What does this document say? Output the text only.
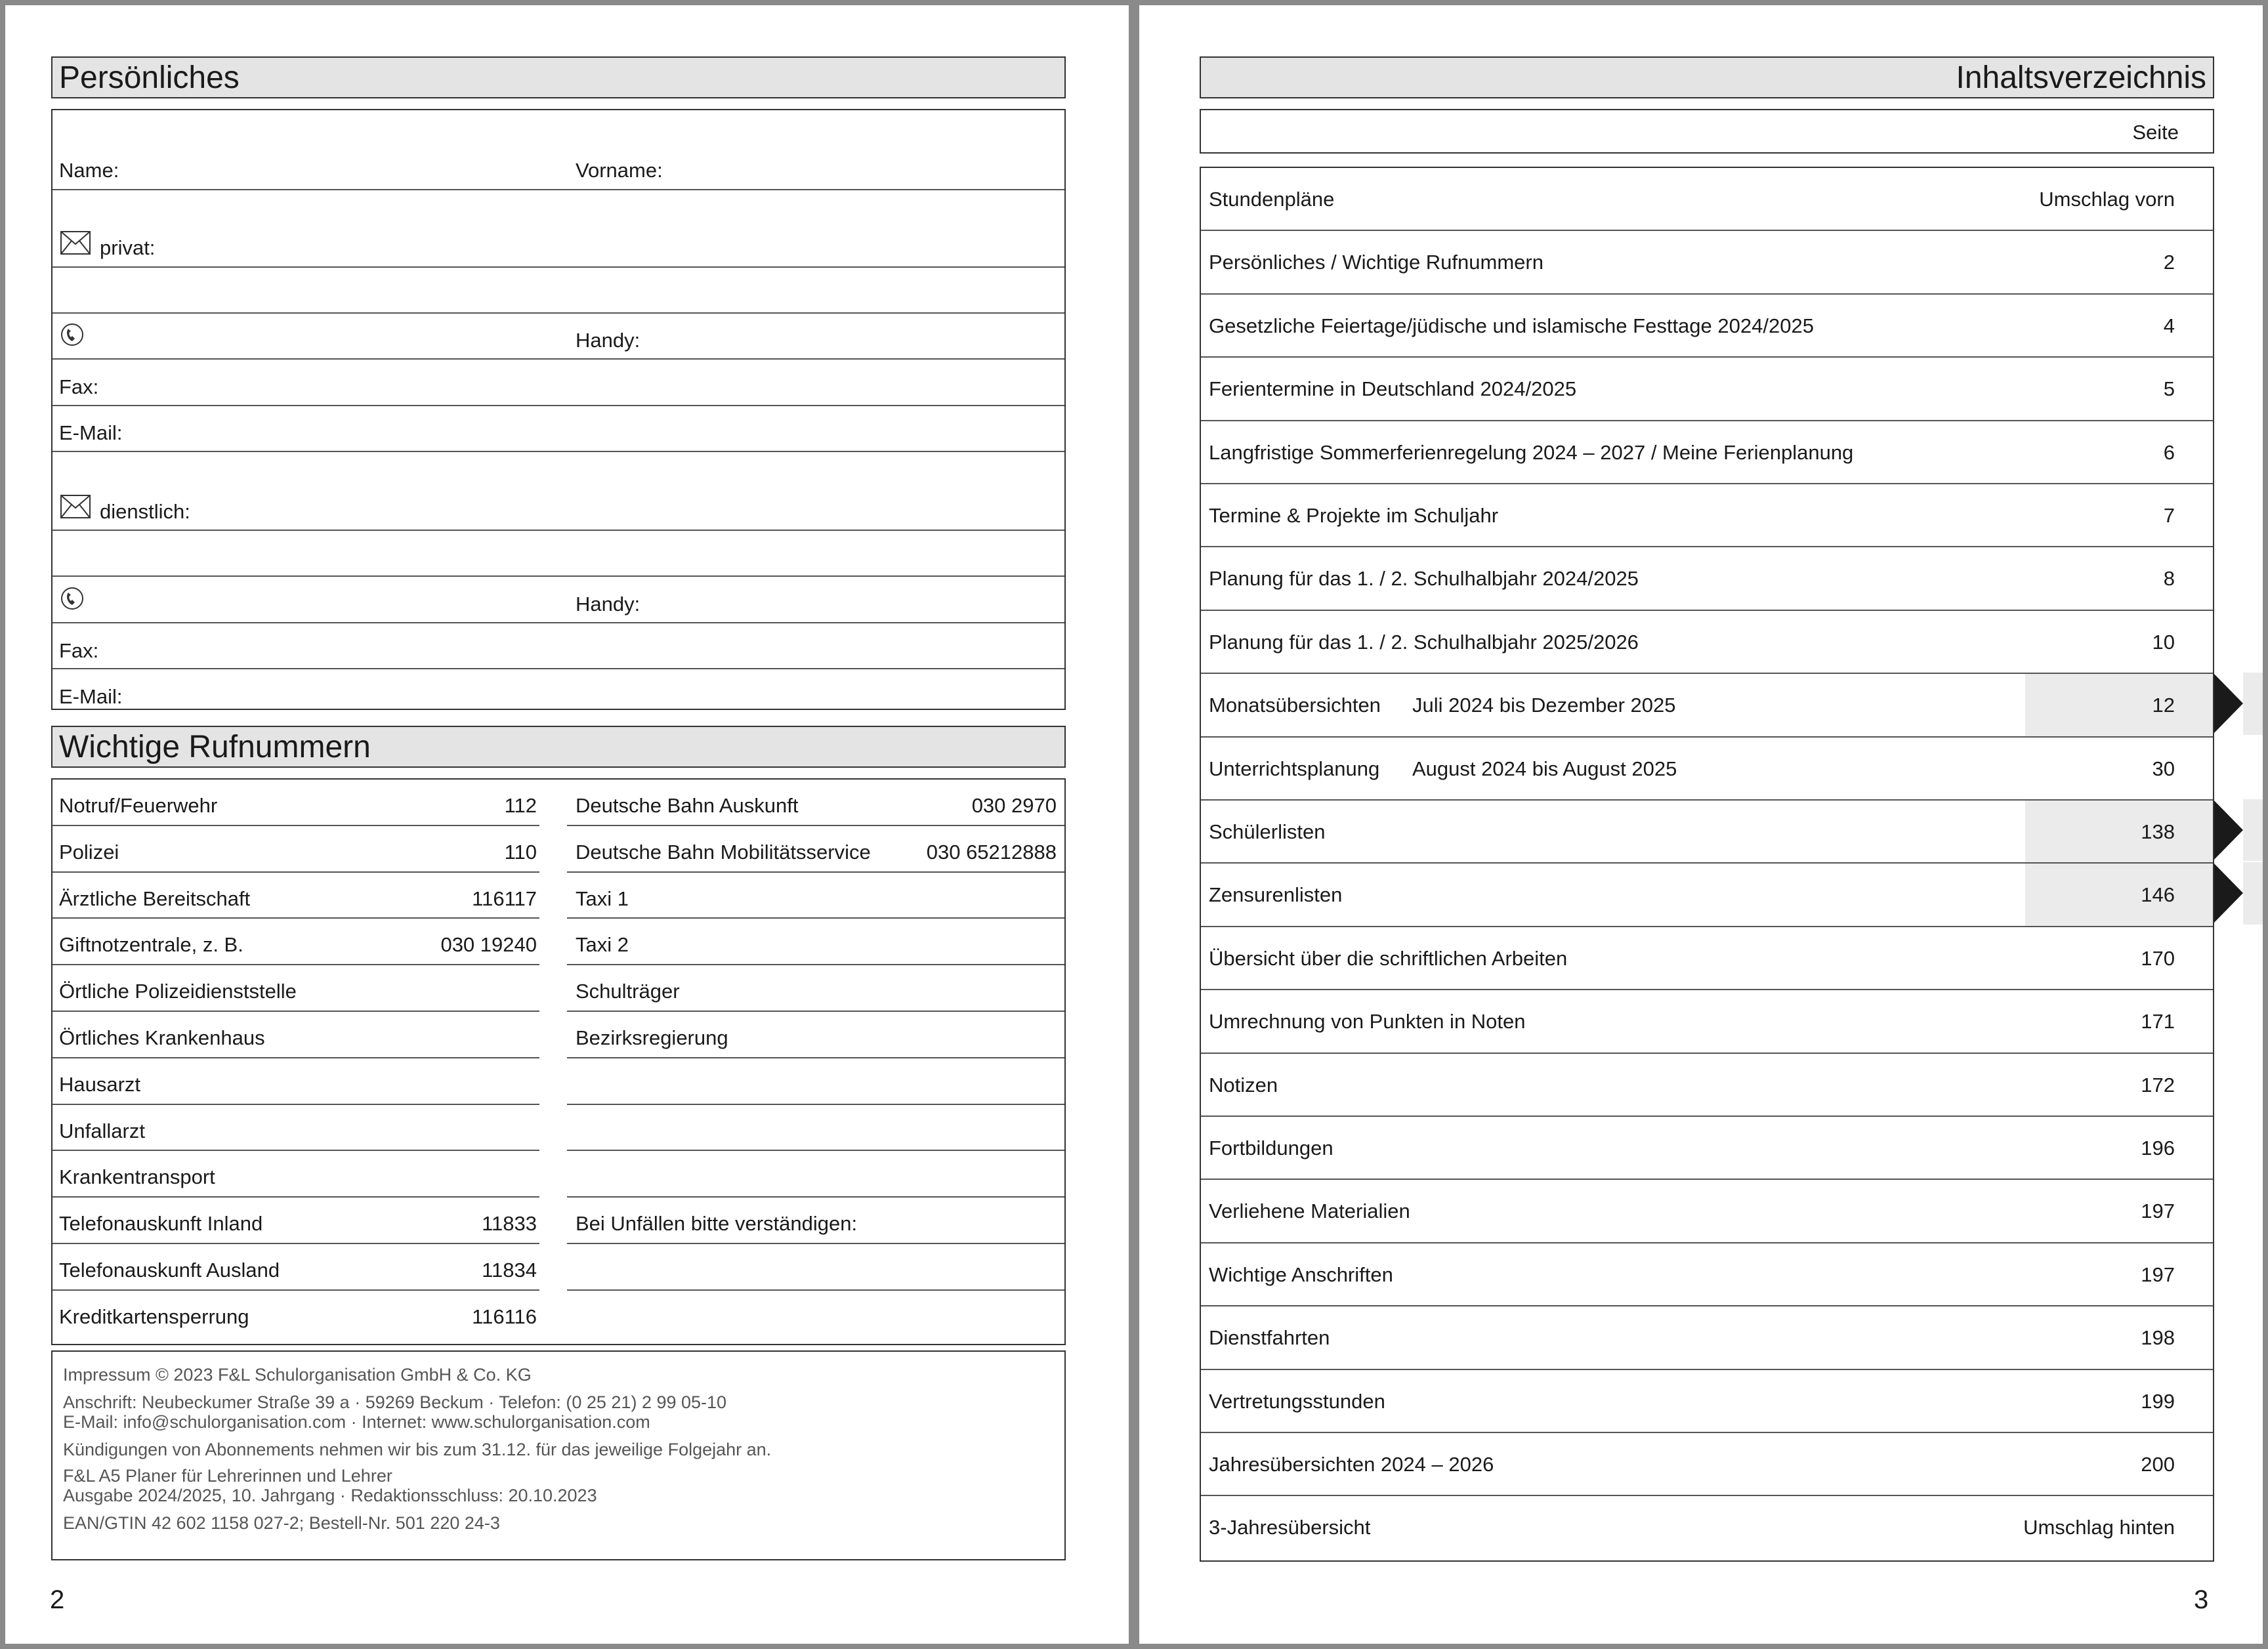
Persönliches
Name:	Vorname:
privat:
Handy:
Fax:
E-Mail:
dienstlich:
Handy:
Fax:
E-Mail:
Wichtige Rufnummern
Notruf/Feuerwehr	112 Deutsche Bahn Auskunft	030 2970
Polizei	110 Deutsche Bahn Mobilitätsservice	030 65212888
Ärztliche Bereitschaft	116117 Taxi 1
Giftnotzentrale, z. B.	030 19240 Taxi 2
Örtliche Polizeidienststelle	Schulträger
Örtliches Krankenhaus	Bezirksregierung
Hausarzt
Unfallarzt
Krankentransport
Telefonauskunft Inland	11833 Bei Unfällen bitte verständigen:
Telefonauskunft Ausland	11834
Kreditkartensperrung	116116
Impressum © 2023 F&L Schulorganisation GmbH & Co. KG
Anschrift: Neubeckumer Straße 39 a · 59269 Beckum · Telefon: (0 25 21) 2 99 05-10
E-Mail: info@schulorganisation.com · Internet: www.schulorganisation.com
Kündigungen von Abonnements nehmen wir bis zum 31.12. für das jeweilige Folgejahr an.
F&L A5 Planer für Lehrerinnen und Lehrer
Ausgabe 2024/2025, 10. Jahrgang · Redaktionsschluss: 20.10.2023
EAN/GTIN 42 602 1158 027-2; Bestell-Nr. 501 220 24-3
2
Inhaltsverzeichnis
Seite
Stundenpläne	Umschlag vorn
Persönliches / Wichtige Rufnummern	2
Gesetzliche Feiertage/jüdische und islamische Festtage 2024/2025	4
Ferientermine in Deutschland 2024/2025	5
Langfristige Sommerferienregelung 2024 – 2027 / Meine Ferienplanung	6
Termine & Projekte im Schuljahr	7
Planung für das 1. / 2. Schulhalbjahr 2024/2025	8
Planung für das 1. / 2. Schulhalbjahr 2025/2026	10
Monatsübersichten Juli 2024 bis Dezember 2025	12
Unterrichtsplanung August 2024 bis August 2025	30
Schülerlisten	138
Zensurenlisten	146
Übersicht über die schriftlichen Arbeiten	170
Umrechnung von Punkten in Noten	171
Notizen	172
Fortbildungen	196
Verliehene Materialien	197
Wichtige Anschriften	197
Dienstfahrten	198
Vertretungsstunden	199
Jahresübersichten 2024 – 2026	200
3-Jahresübersicht	Umschlag hinten
3
